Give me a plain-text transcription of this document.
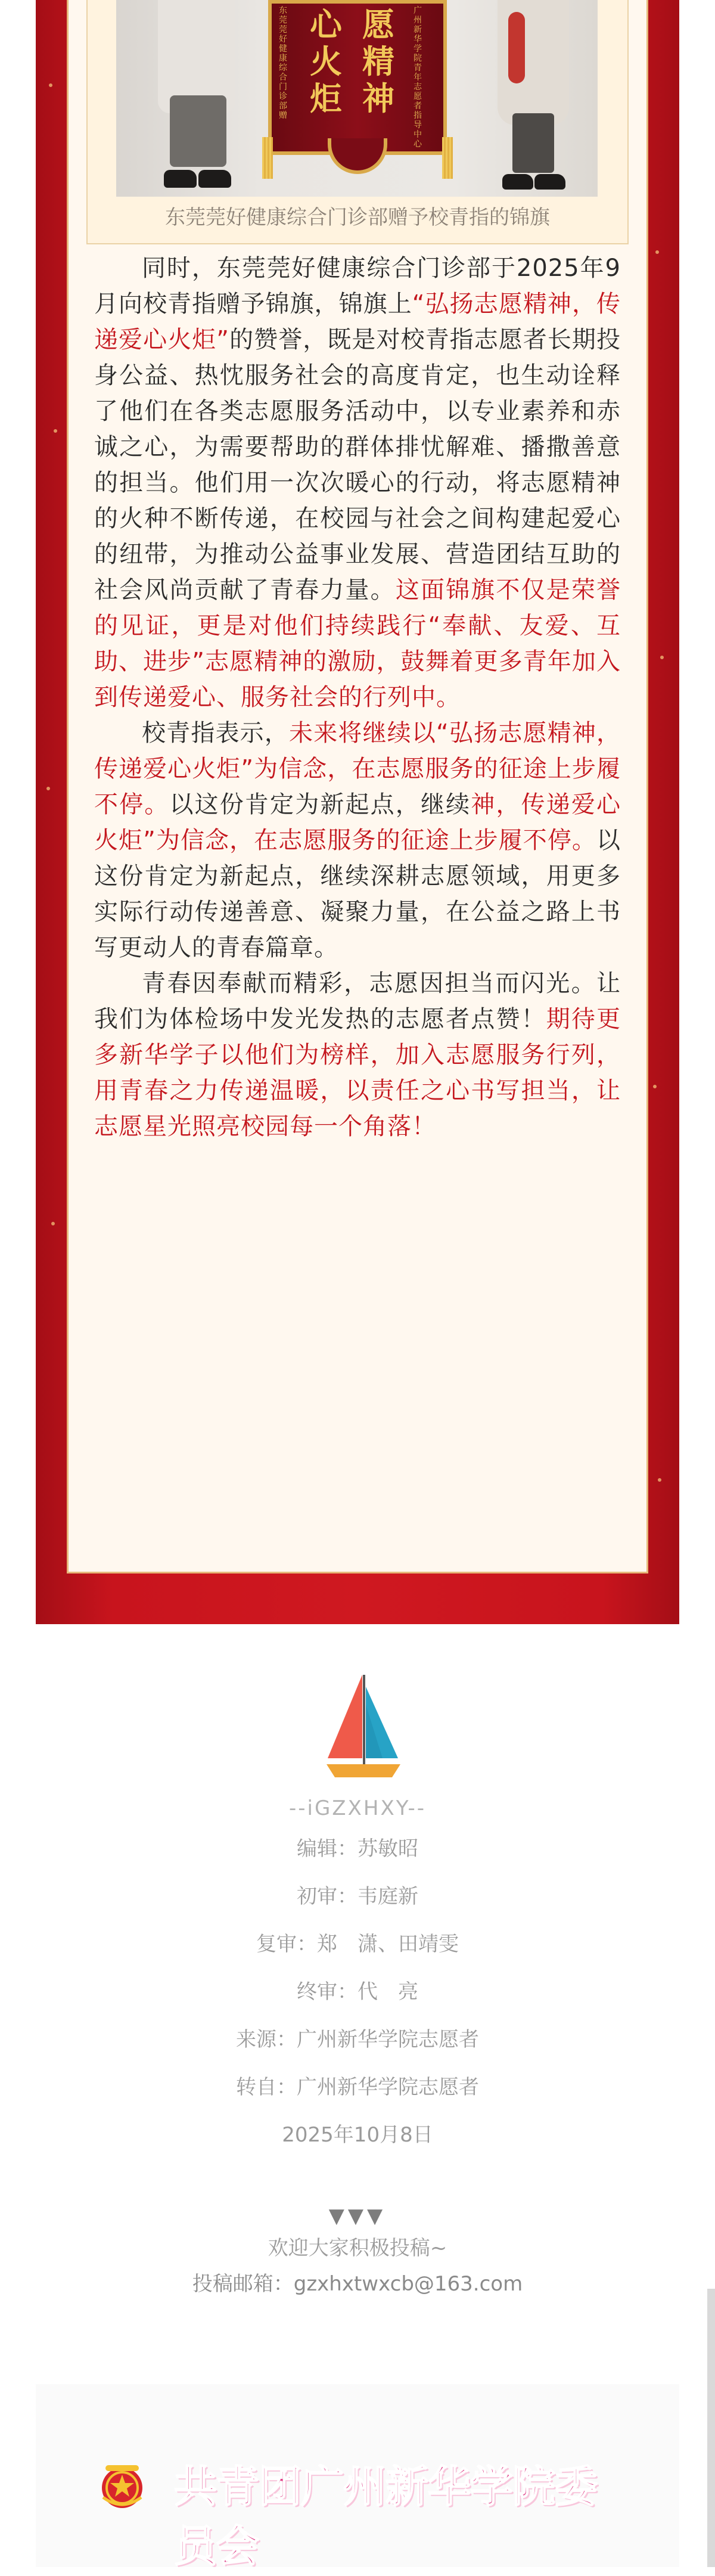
东莞莞好健康综合门诊部赠
心
火
炬
愿
精
神
广州新华学院青年志愿者指导中心
东莞莞好健康综合门诊部赠予校青指的锦旗

同时，东莞莞好健康综合门诊部于2025年9月向校青指赠予锦旗，锦旗上“弘扬志愿精神，传递爱心火炬”的赞誉，既是对校青指志愿者长期投身公益、热忱服务社会的高度肯定，也生动诠释了他们在各类志愿服务活动中，以专业素养和赤诚之心，为需要帮助的群体排忧解难、播撒善意的担当。他们用一次次暖心的行动，将志愿精神的火种不断传递，在校园与社会之间构建起爱心的纽带，为推动公益事业发展、营造团结互助的社会风尚贡献了青春力量。这面锦旗不仅是荣誉的见证，更是对他们持续践行“奉献、友爱、互助、进步”志愿精神的激励，鼓舞着更多青年加入到传递爱心、服务社会的行列中。

校青指表示，未来将继续以“弘扬志愿精神，传递爱心火炬”为信念，在志愿服务的征途上步履不停。以这份肯定为新起点，继续神，传递爱心火炬”为信念，在志愿服务的征途上步履不停。以这份肯定为新起点，继续深耕志愿领域，用更多实际行动传递善意、凝聚力量，在公益之路上书写更动人的青春篇章。

青春因奉献而精彩，志愿因担当而闪光。让我们为体检场中发光发热的志愿者点赞！期待更多新华学子以他们为榜样，加入志愿服务行列，用青春之力传递温暖，以责任之心书写担当，让志愿星光照亮校园每一个角落！

--iGZXHXY--
编辑：苏敏昭
初审：韦庭新
复审：郑　潇、田靖雯
终审：代　亮
来源：广州新华学院志愿者
转自：广州新华学院志愿者
2025年10月8日
▼▼▼
欢迎大家积极投稿~
投稿邮箱：gzxhxtwxcb@163.com
共青团广州新华学院委员会
